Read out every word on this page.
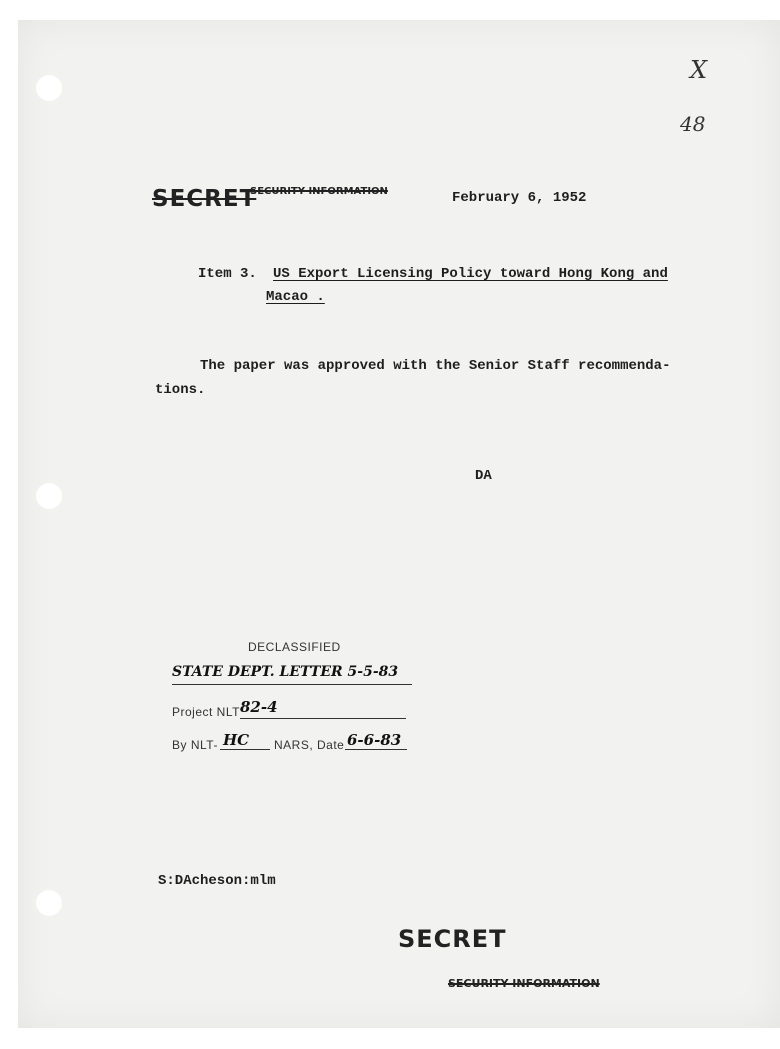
X
48
SECRET
SECURITY INFORMATION	February 6, 1952
Item 3. US Export Licensing Policy toward Hong Kong and
Macao .
The paper was approved with the Senior Staff recommenda-
tions.
DA
DECLASSIFIED
STATE DEPT. LETTER 5-5-83
Project NLT 82-4
By NLT- HC NARS, Date 6-6-83
S:DAcheson:mlm
SECRET
SECURITY INFORMATION
